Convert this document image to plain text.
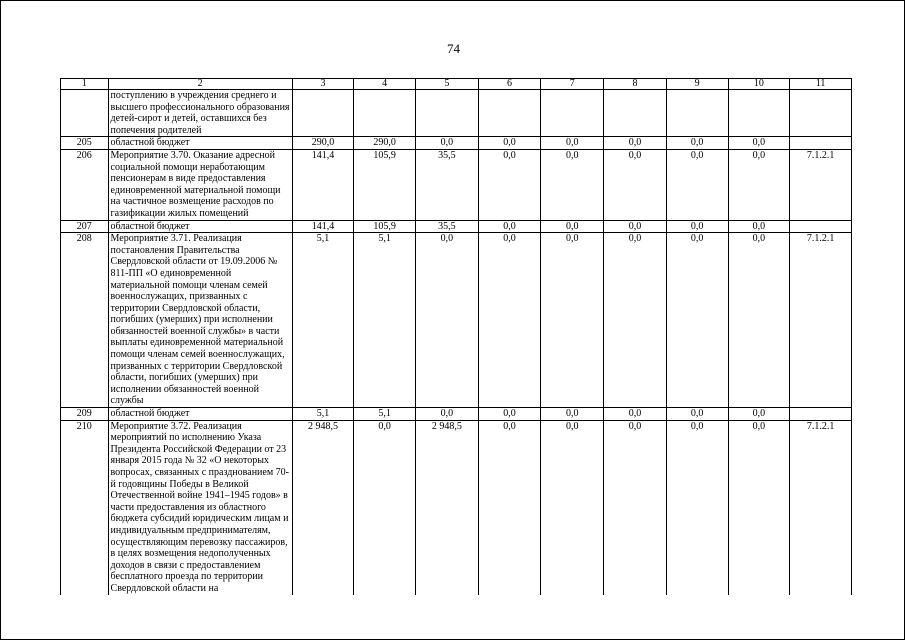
74
1	2	3	4	5	6	7	8	9	10	11
	поступлению в учреждения среднего и высшего профессионального образования детей-сирот и детей, оставшихся без попечения родителей									
205	областной бюджет	290,0	290,0	0,0	0,0	0,0	0,0	0,0	0,0	
206	Мероприятие 3.70. Оказание адресной социальной помощи неработающим пенсионерам в виде предоставления единовременной материальной помощи на частичное возмещение расходов по газификации жилых помещений	141,4	105,9	35,5	0,0	0,0	0,0	0,0	0,0	7.1.2.1
207	областной бюджет	141,4	105,9	35,5	0,0	0,0	0,0	0,0	0,0	
208	Мероприятие 3.71. Реализация постановления Правительства Свердловской области от 19.09.2006 № 811-ПП «О единовременной материальной помощи членам семей военнослужащих, призванных с территории Свердловской области, погибших (умерших) при исполнении обязанностей военной службы» в части выплаты единовременной материальной помощи членам семей военнослужащих, призванных с территории Свердловской области, погибших (умерших) при исполнении обязанностей военной службы	5,1	5,1	0,0	0,0	0,0	0,0	0,0	0,0	7.1.2.1
209	областной бюджет	5,1	5,1	0,0	0,0	0,0	0,0	0,0	0,0	
210	Мероприятие 3.72. Реализация мероприятий по исполнению Указа Президента Российской Федерации от 23 января 2015 года № 32 «О некоторых вопросах, связанных с празднованием 70-й годовщины Победы в Великой Отечественной войне 1941–1945 годов» в части предоставления из областного бюджета субсидий юридическим лицам и индивидуальным предпринимателям, осуществляющим перевозку пассажиров, в целях возмещения недополученных доходов в связи с предоставлением бесплатного проезда по территории Свердловской области на	2 948,5	0,0	2 948,5	0,0	0,0	0,0	0,0	0,0	7.1.2.1
